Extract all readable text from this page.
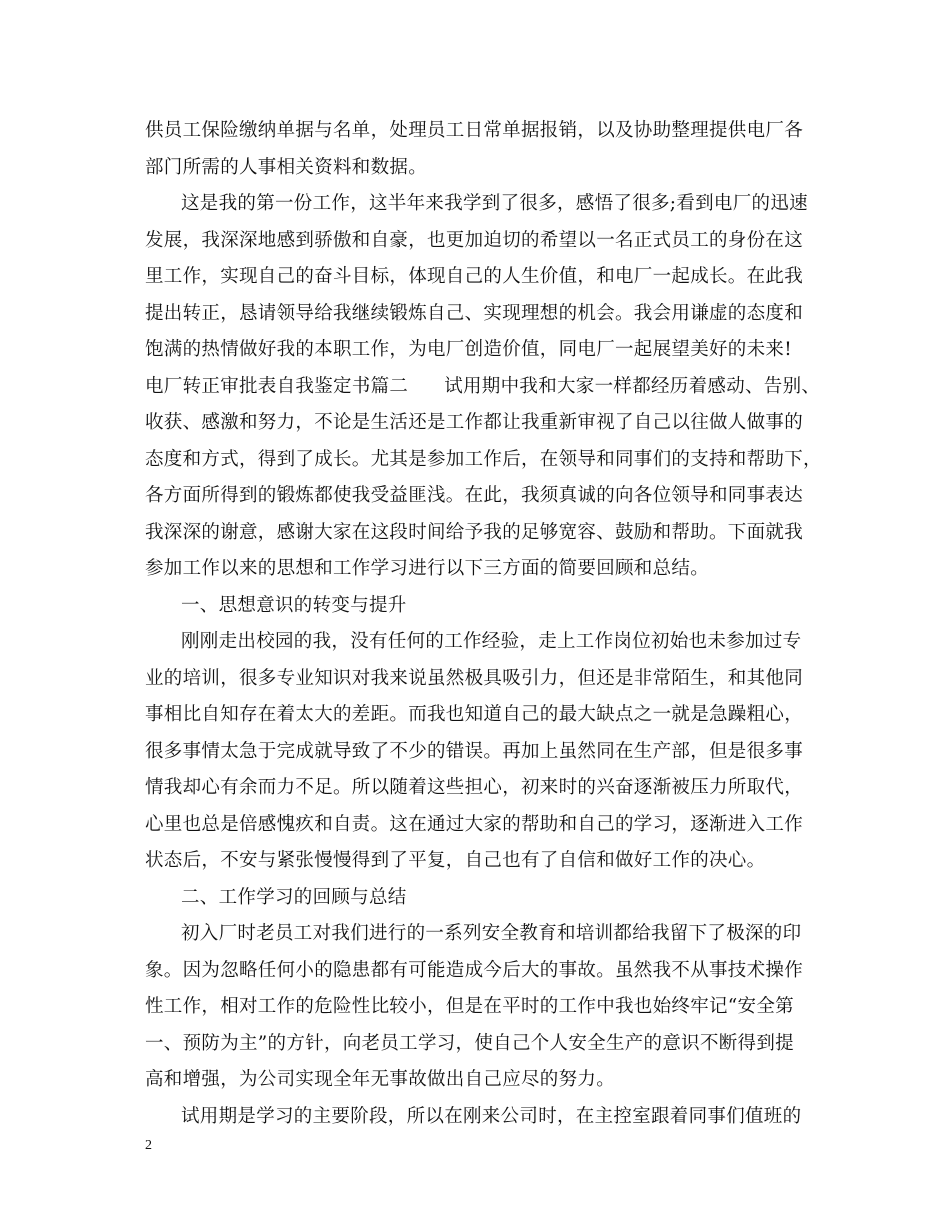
供员工保险缴纳单据与名单，处理员工日常单据报销，以及协助整理提供电厂各
部门所需的人事相关资料和数据。
这是我的第一份工作，这半年来我学到了很多，感悟了很多;看到电厂的迅速
发展，我深深地感到骄傲和自豪，也更加迫切的希望以一名正式员工的身份在这
里工作，实现自己的奋斗目标，体现自己的人生价值，和电厂一起成长。在此我
提出转正，恳请领导给我继续锻炼自己、实现理想的机会。我会用谦虚的态度和
饱满的热情做好我的本职工作，为电厂创造价值，同电厂一起展望美好的未来!
电厂转正审批表自我鉴定书篇二 试用期中我和大家一样都经历着感动、告别、
收获、感激和努力，不论是生活还是工作都让我重新审视了自己以往做人做事的
态度和方式，得到了成长。尤其是参加工作后，在领导和同事们的支持和帮助下，
各方面所得到的锻炼都使我受益匪浅。在此，我须真诚的向各位领导和同事表达
我深深的谢意，感谢大家在这段时间给予我的足够宽容、鼓励和帮助。下面就我
参加工作以来的思想和工作学习进行以下三方面的简要回顾和总结。
一、思想意识的转变与提升
刚刚走出校园的我，没有任何的工作经验，走上工作岗位初始也未参加过专
业的培训，很多专业知识对我来说虽然极具吸引力，但还是非常陌生，和其他同
事相比自知存在着太大的差距。而我也知道自己的最大缺点之一就是急躁粗心，
很多事情太急于完成就导致了不少的错误。再加上虽然同在生产部，但是很多事
情我却心有余而力不足。所以随着这些担心，初来时的兴奋逐渐被压力所取代，
心里也总是倍感愧疚和自责。这在通过大家的帮助和自己的学习，逐渐进入工作
状态后，不安与紧张慢慢得到了平复，自己也有了自信和做好工作的决心。
二、工作学习的回顾与总结
初入厂时老员工对我们进行的一系列安全教育和培训都给我留下了极深的印
象。因为忽略任何小的隐患都有可能造成今后大的事故。虽然我不从事技术操作
性工作，相对工作的危险性比较小，但是在平时的工作中我也始终牢记“安全第
一、预防为主”的方针，向老员工学习，使自己个人安全生产的意识不断得到提
高和增强，为公司实现全年无事故做出自己应尽的努力。
试用期是学习的主要阶段，所以在刚来公司时，在主控室跟着同事们值班的
2
